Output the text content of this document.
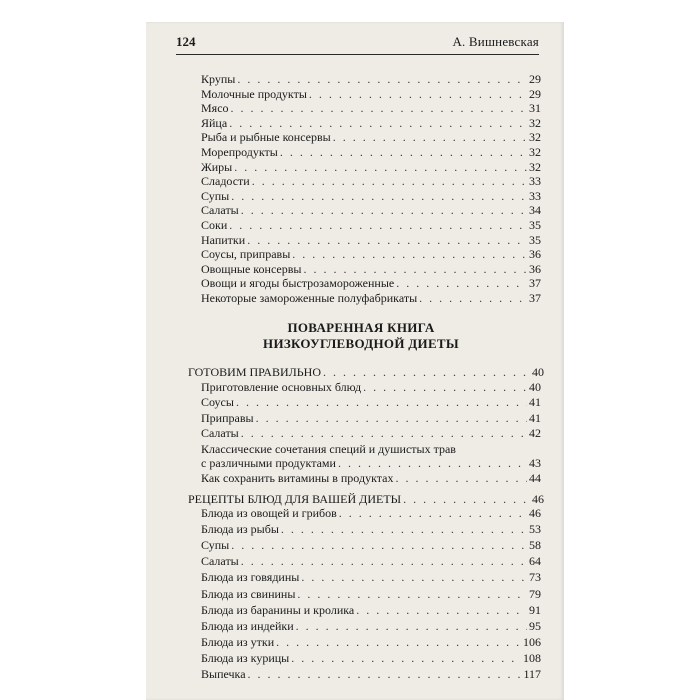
124	А. Вишневская
ПОВАРЕННАЯ КНИГА
НИЗКОУГЛЕВОДНОЙ ДИЕТЫ
Крупы . . .	29
Молочные продукты . . .	29
Мясо . . .	31
Яйца . . .	32
Рыба и рыбные консервы . . .	32
Морепродукты . . .	32
Жиры . . .	32
Сладости . . .	33
Супы . . .	33
Салаты . . .	34
Соки . . .	35
Напитки . . .	35
Соусы, приправы . . .	36
Овощные консервы . . .	36
Овощи и ягоды быстрозамороженные . . .	37
Некоторые замороженные полуфабрикаты . . .	37
ГОТОВИМ ПРАВИЛЬНО . . .	40
Приготовление основных блюд . . .	40
Соусы . . .	41
Приправы . . .	41
Салаты . . .	42
Классические сочетания специй и душистых трав
с различными продуктами . . .	43
Как сохранить витамины в продуктах . . .	44
РЕЦЕПТЫ БЛЮД ДЛЯ ВАШЕЙ ДИЕТЫ . . .	46
Блюда из овощей и грибов . . .	46
Блюда из рыбы . . .	53
Супы . . .	58
Салаты . . .	64
Блюда из говядины . . .	73
Блюда из свинины . . .	79
Блюда из баранины и кролика . . .	91
Блюда из индейки . . .	95
Блюда из утки . . .	106
Блюда из курицы . . .	108
Выпечка . . .	117
